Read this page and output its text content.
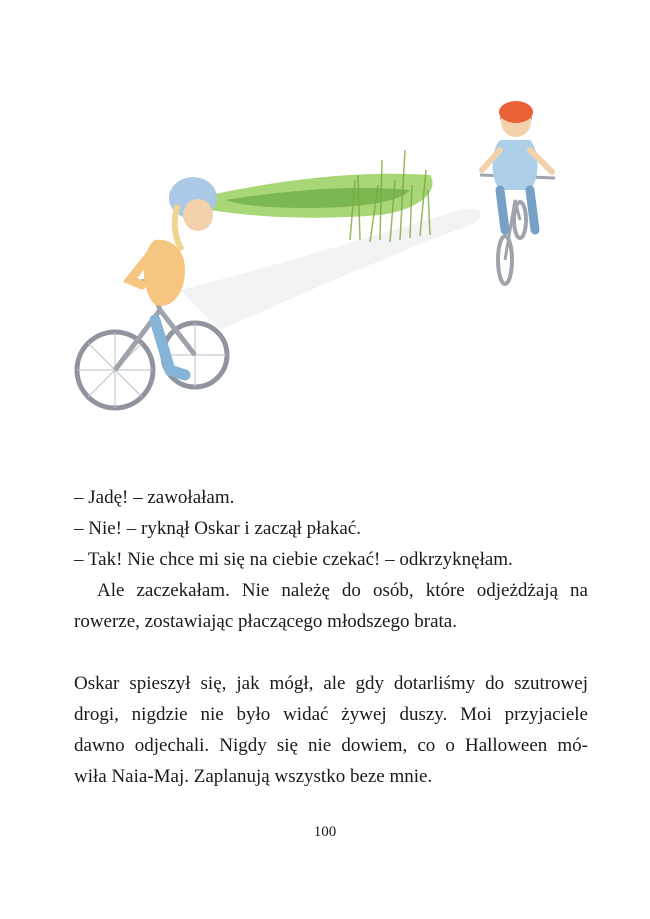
– Jadę! – zawołałam.
– Nie! – ryknął Oskar i zaczął płakać.
– Tak! Nie chce mi się na ciebie czekać! – odkrzyknęłam.
Ale zaczekałam. Nie należę do osób, które odjeżdżają na
rowerze, zostawiając płaczącego młodszego brata.
Oskar spieszył się, jak mógł, ale gdy dotarliśmy do szutrowej
drogi, nigdzie nie było widać żywej duszy. Moi przyjaciele
dawno odjechali. Nigdy się nie dowiem, co o Halloween mó-
wiła Naia-Maj. Zaplanują wszystko beze mnie.
100
